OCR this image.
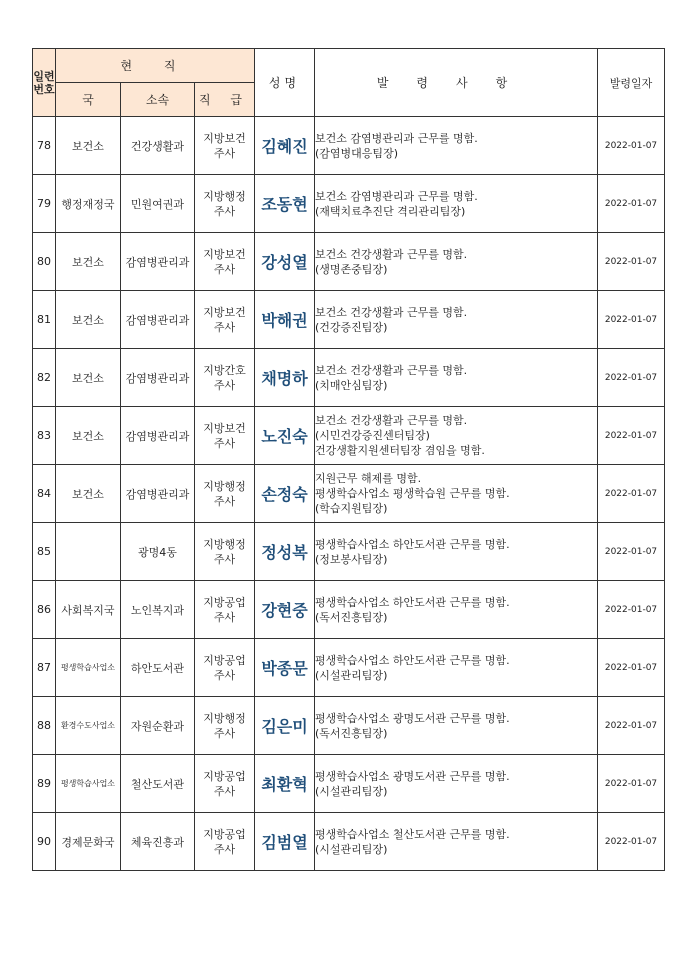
일련
번호	현 직			성명	발령사항	발령일자
	국	소속	직 급			
78	보건소	건강생활과	지방보건
주사	김혜진	보건소 감염병관리과 근무를 명함.
(감염병대응팀장)	2022-01-07
79	행정재정국	민원여권과	지방행정
주사	조동현	보건소 감염병관리과 근무를 명함.
(재택치료추진단 격리관리팀장)	2022-01-07
80	보건소	감염병관리과	지방보건
주사	강성열	보건소 건강생활과 근무를 명함.
(생명존중팀장)	2022-01-07
81	보건소	감염병관리과	지방보건
주사	박해권	보건소 건강생활과 근무를 명함.
(건강증진팀장)	2022-01-07
82	보건소	감염병관리과	지방간호
주사	채명하	보건소 건강생활과 근무를 명함.
(치매안심팀장)	2022-01-07
83	보건소	감염병관리과	지방보건
주사	노진숙	보건소 건강생활과 근무를 명함.
(시민건강증진센터팀장)
건강생활지원센터팀장 겸임을 명함.	2022-01-07
84	보건소	감염병관리과	지방행정
주사	손정숙	지원근무 해제를 명함.
평생학습사업소 평생학습원 근무를 명함.
(학습지원팀장)	2022-01-07
85		광명4동	지방행정
주사	정성복	평생학습사업소 하안도서관 근무를 명함.
(정보봉사팀장)	2022-01-07
86	사회복지국	노인복지과	지방공업
주사	강현중	평생학습사업소 하안도서관 근무를 명함.
(독서진흥팀장)	2022-01-07
87	평생학습사업소	하안도서관	지방공업
주사	박종문	평생학습사업소 하안도서관 근무를 명함.
(시설관리팀장)	2022-01-07
88	환경수도사업소	자원순환과	지방행정
주사	김은미	평생학습사업소 광명도서관 근무를 명함.
(독서진흥팀장)	2022-01-07
89	평생학습사업소	철산도서관	지방공업
주사	최환혁	평생학습사업소 광명도서관 근무를 명함.
(시설관리팀장)	2022-01-07
90	경제문화국	체육진흥과	지방공업
주사	김범열	평생학습사업소 철산도서관 근무를 명함.
(시설관리팀장)	2022-01-07
